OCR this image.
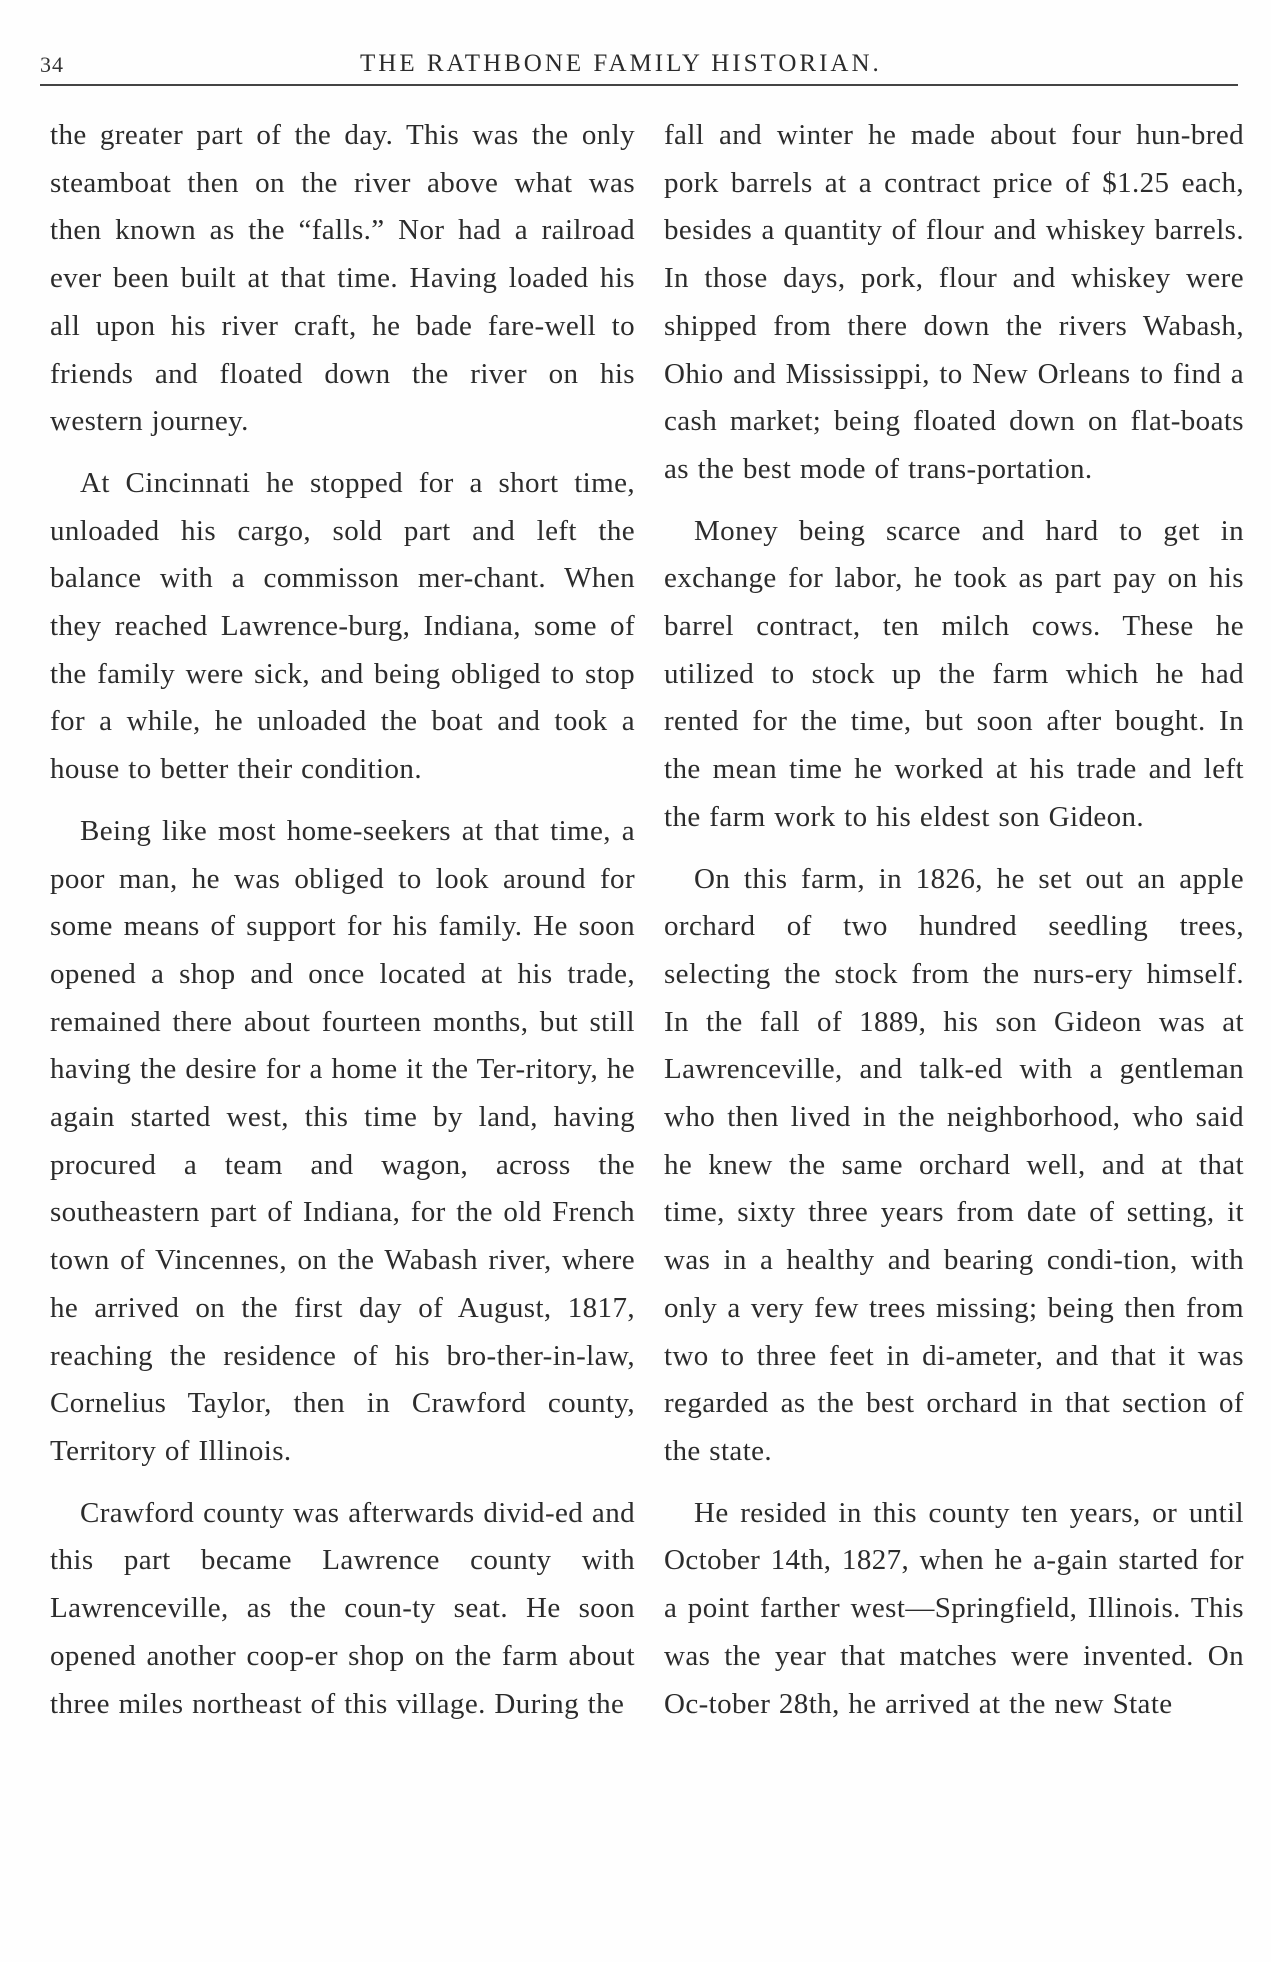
34	THE RATHBONE FAMILY HISTORIAN.

the greater part of the day. This was the only steamboat then on the river above what was then known as the “falls.” Nor had a railroad ever been built at that time. Having loaded his all upon his river craft, he bade fare-well to friends and floated down the river on his western journey.

At Cincinnati he stopped for a short time, unloaded his cargo, sold part and left the balance with a commisson mer-chant. When they reached Lawrence-burg, Indiana, some of the family were sick, and being obliged to stop for a while, he unloaded the boat and took a house to better their condition.

Being like most home-seekers at that time, a poor man, he was obliged to look around for some means of support for his family. He soon opened a shop and once located at his trade, remained there about fourteen months, but still having the desire for a home it the Ter-ritory, he again started west, this time by land, having procured a team and wagon, across the southeastern part of Indiana, for the old French town of Vincennes, on the Wabash river, where he arrived on the first day of August, 1817, reaching the residence of his bro-ther-in-law, Cornelius Taylor, then in Crawford county, Territory of Illinois.

Crawford county was afterwards divid-ed and this part became Lawrence county with Lawrenceville, as the coun-ty seat. He soon opened another coop-er shop on the farm about three miles northeast of this village. During the

fall and winter he made about four hun-bred pork barrels at a contract price of $1.25 each, besides a quantity of flour and whiskey barrels. In those days, pork, flour and whiskey were shipped from there down the rivers Wabash, Ohio and Mississippi, to New Orleans to find a cash market; being floated down on flat-boats as the best mode of trans-portation.

Money being scarce and hard to get in exchange for labor, he took as part pay on his barrel contract, ten milch cows. These he utilized to stock up the farm which he had rented for the time, but soon after bought. In the mean time he worked at his trade and left the farm work to his eldest son Gideon.

On this farm, in 1826, he set out an apple orchard of two hundred seedling trees, selecting the stock from the nurs-ery himself. In the fall of 1889, his son Gideon was at Lawrenceville, and talk-ed with a gentleman who then lived in the neighborhood, who said he knew the same orchard well, and at that time, sixty three years from date of setting, it was in a healthy and bearing condi-tion, with only a very few trees missing; being then from two to three feet in di-ameter, and that it was regarded as the best orchard in that section of the state.

He resided in this county ten years, or until October 14th, 1827, when he a-gain started for a point farther west—Springfield, Illinois. This was the year that matches were invented. On Oc-tober 28th, he arrived at the new State
